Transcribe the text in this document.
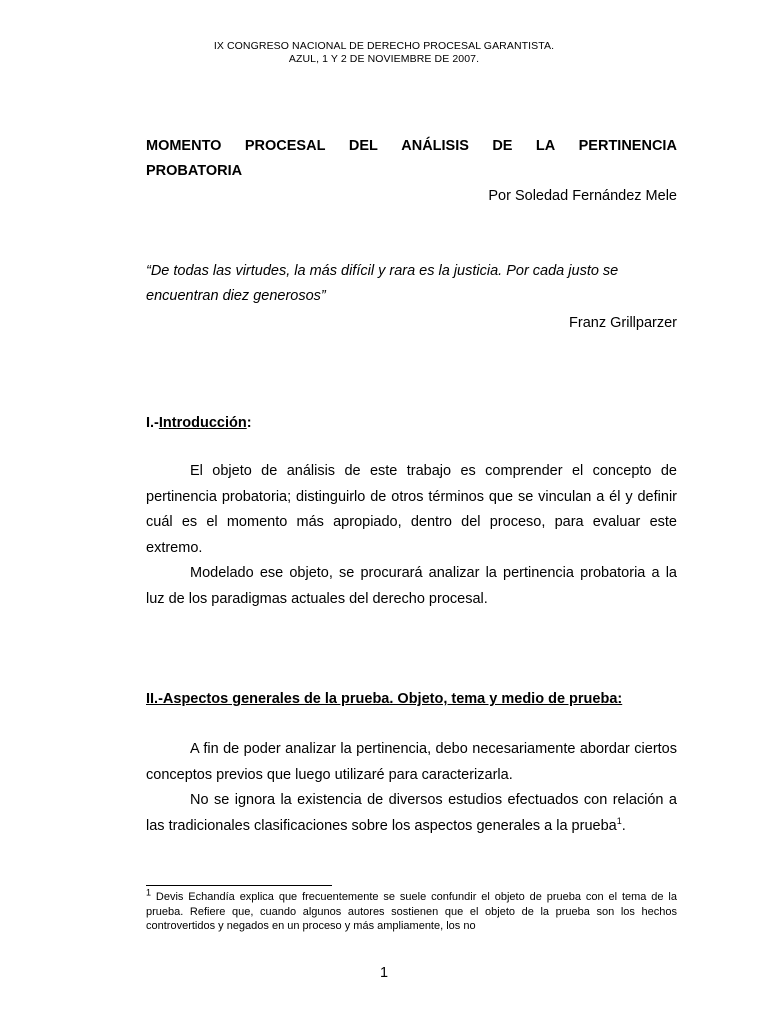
IX CONGRESO NACIONAL DE DERECHO PROCESAL GARANTISTA.
AZUL, 1 Y 2 DE NOVIEMBRE DE 2007.
MOMENTO PROCESAL DEL ANÁLISIS DE LA PERTINENCIA
PROBATORIA
Por Soledad Fernández Mele
“De todas las virtudes, la más difícil y rara es la justicia. Por cada justo se encuentran diez generosos”
Franz Grillparzer
I.-Introducción:

El objeto de análisis de este trabajo es comprender el concepto de pertinencia probatoria; distinguirlo de otros términos que se vinculan a él y definir cuál es el momento más apropiado, dentro del proceso, para evaluar este extremo.

Modelado ese objeto, se procurará analizar la pertinencia probatoria a la luz de los paradigmas actuales del derecho procesal.

II.-Aspectos generales de la prueba. Objeto, tema y medio de prueba:

A fin de poder analizar la pertinencia, debo necesariamente abordar ciertos conceptos previos que luego utilizaré para caracterizarla.

No se ignora la existencia de diversos estudios efectuados con relación a las tradicionales clasificaciones sobre los aspectos generales a la prueba$^1$.

$^1$ Devis Echandía explica que frecuentemente se suele confundir el objeto de prueba con el tema de la prueba. Refiere que, cuando algunos autores sostienen que el objeto de la prueba son los hechos controvertidos y negados en un proceso y más ampliamente, los no
1
